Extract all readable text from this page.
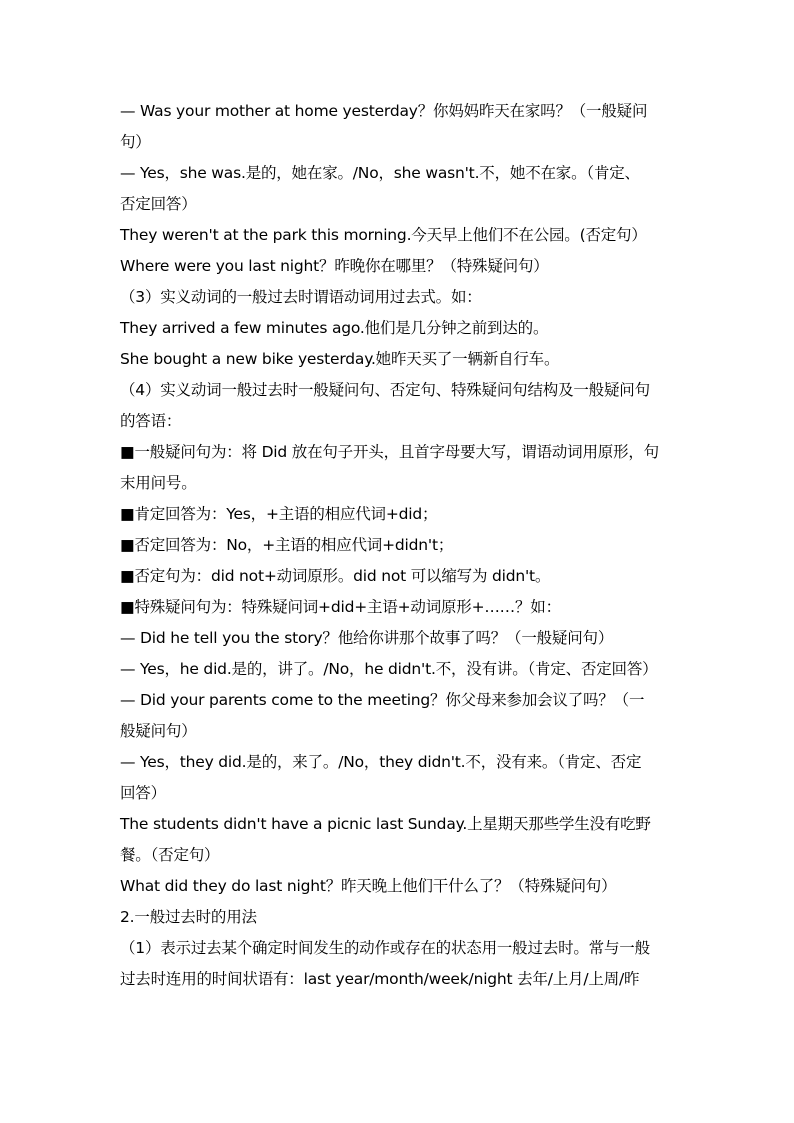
— Was your mother at home yesterday？你妈妈昨天在家吗？（一般疑问
句）
— Yes，she was.是的，她在家。/No，she wasn't.不，她不在家。（肯定、
否定回答）
They weren't at the park this morning.今天早上他们不在公园。(否定句）
Where were you last night？昨晚你在哪里？（特殊疑问句）
（3）实义动词的一般过去时谓语动词用过去式。如：
They arrived a few minutes ago.他们是几分钟之前到达的。
She bought a new bike yesterday.她昨天买了一辆新自行车。
（4）实义动词一般过去时一般疑问句、否定句、特殊疑问句结构及一般疑问句
的答语：
■一般疑问句为：将 Did 放在句子开头，且首字母要大写，谓语动词用原形，句
末用问号。
■肯定回答为：Yes，+主语的相应代词+did；
■否定回答为：No，+主语的相应代词+didn't；
■否定句为：did not+动词原形。did not 可以缩写为 didn't。
■特殊疑问句为：特殊疑问词+did+主语+动词原形+……？如：
— Did he tell you the story？他给你讲那个故事了吗？（一般疑问句）
— Yes，he did.是的，讲了。/No，he didn't.不，没有讲。（肯定、否定回答）
— Did your parents come to the meeting？你父母来参加会议了吗？（一
般疑问句）
— Yes，they did.是的，来了。/No，they didn't.不，没有来。（肯定、否定
回答）
The students didn't have a picnic last Sunday.上星期天那些学生没有吃野
餐。（否定句）
What did they do last night？昨天晚上他们干什么了？（特殊疑问句）
2.一般过去时的用法
（1）表示过去某个确定时间发生的动作或存在的状态用一般过去时。常与一般
过去时连用的时间状语有：last year/month/week/night 去年/上月/上周/昨
